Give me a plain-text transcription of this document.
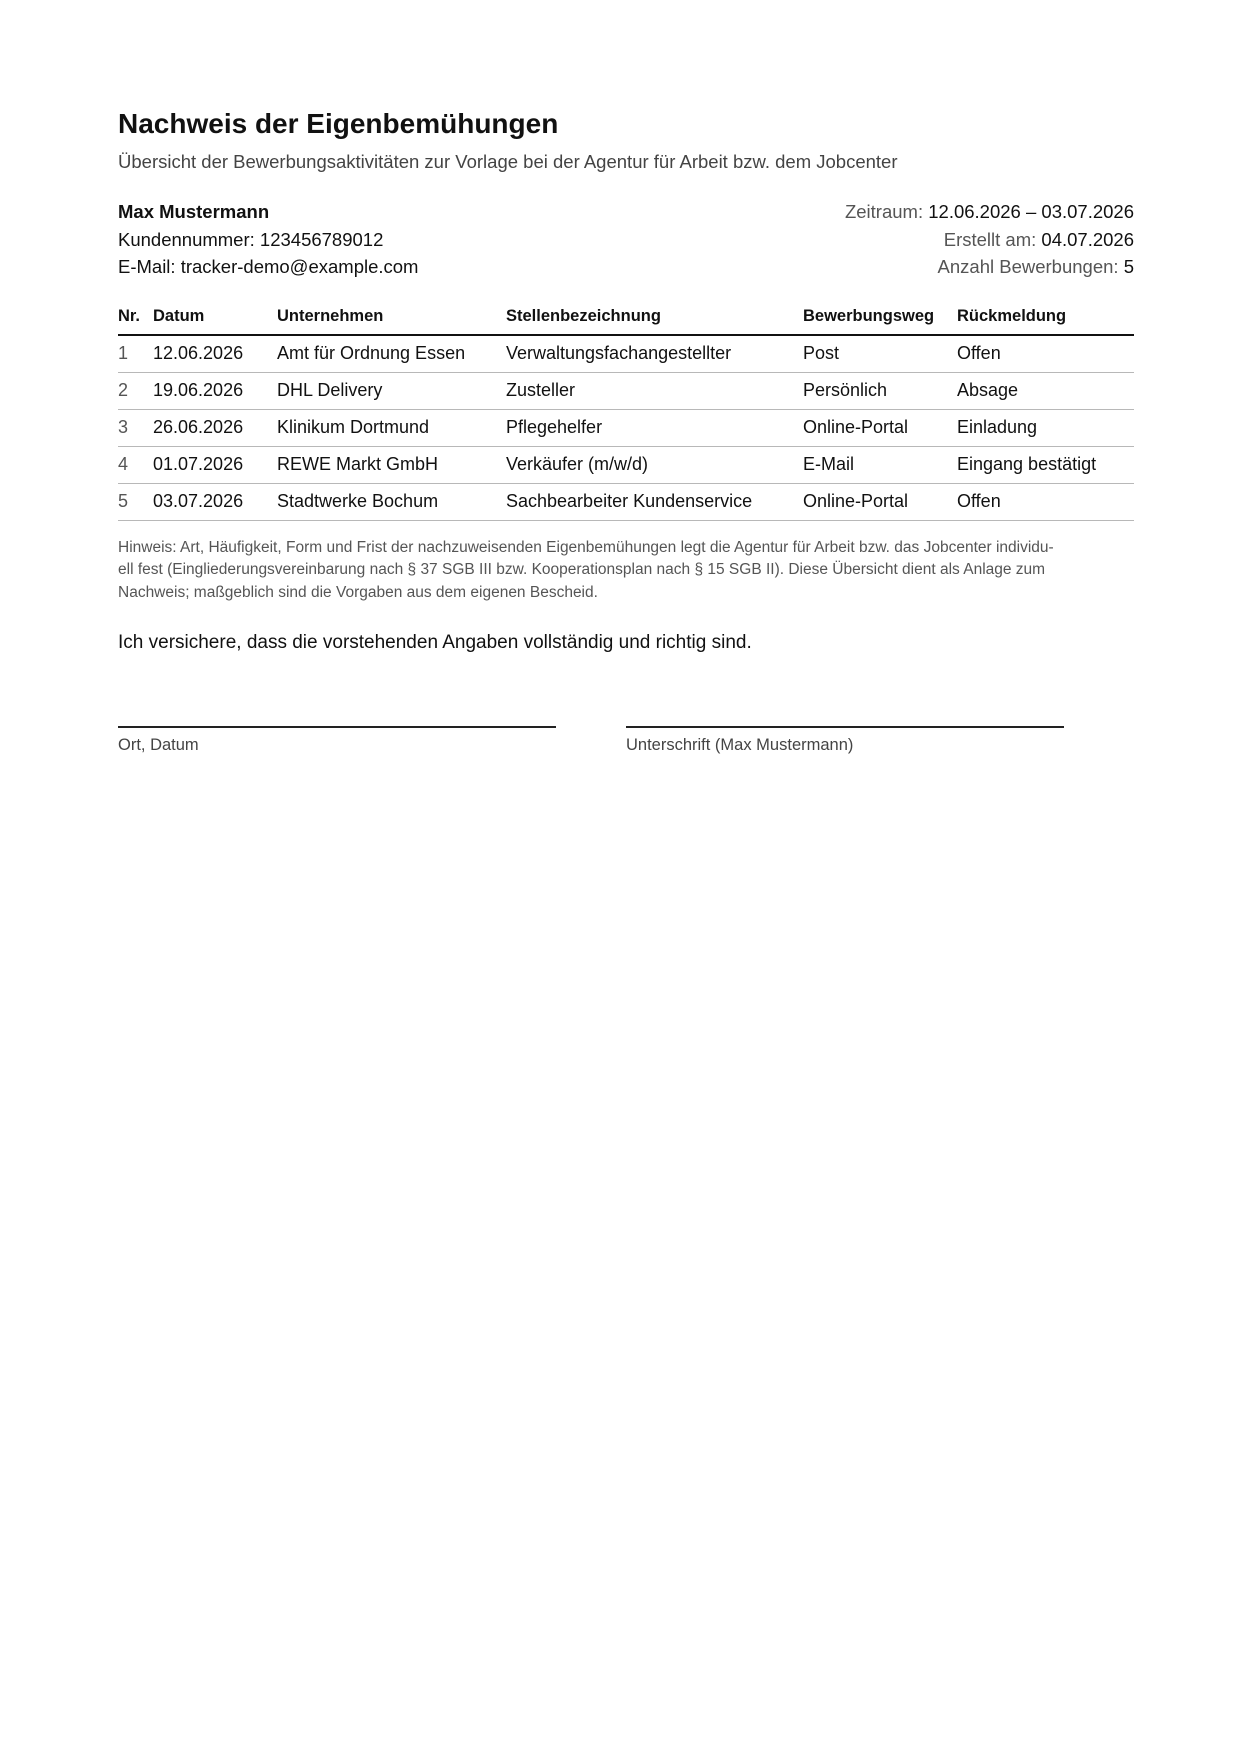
Nachweis der Eigenbemühungen
Übersicht der Bewerbungsaktivitäten zur Vorlage bei der Agentur für Arbeit bzw. dem Jobcenter
Max Mustermann
Kundennummer: 123456789012
E-Mail: tracker-demo@example.com
Zeitraum: 12.06.2026 – 03.07.2026
Erstellt am: 04.07.2026
Anzahl Bewerbungen: 5
Nr.	Datum	Unternehmen	Stellenbezeichnung	Bewerbungsweg	Rückmeldung
1	12.06.2026	Amt für Ordnung Essen	Verwaltungsfachangestellter	Post	Offen
2	19.06.2026	DHL Delivery	Zusteller	Persönlich	Absage
3	26.06.2026	Klinikum Dortmund	Pflegehelfer	Online-Portal	Einladung
4	01.07.2026	REWE Markt GmbH	Verkäufer (m/w/d)	E-Mail	Eingang bestätigt
5	03.07.2026	Stadtwerke Bochum	Sachbearbeiter Kundenservice	Online-Portal	Offen
Hinweis: Art, Häufigkeit, Form und Frist der nachzuweisenden Eigenbemühungen legt die Agentur für Arbeit bzw. das Jobcenter individu-
ell fest (Eingliederungsvereinbarung nach § 37 SGB III bzw. Kooperationsplan nach § 15 SGB II). Diese Übersicht dient als Anlage zum
Nachweis; maßgeblich sind die Vorgaben aus dem eigenen Bescheid.
Ich versichere, dass die vorstehenden Angaben vollständig und richtig sind.
Ort, Datum	Unterschrift (Max Mustermann)
